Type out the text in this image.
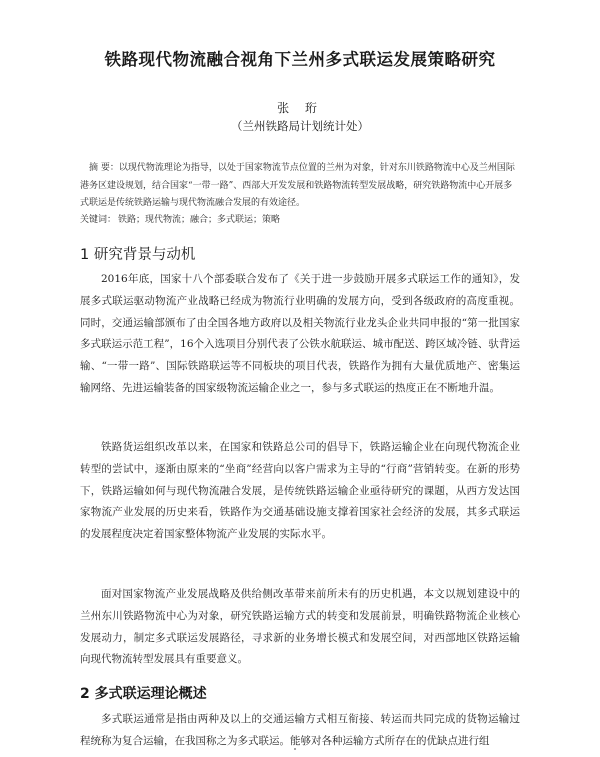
铁路现代物流融合视角下兰州多式联运发展策略研究
张 珩
（兰州铁路局计划统计处）

摘 要：以现代物流理论为指导，以处于国家物流节点位置的兰州为对象，针对东川铁路物流中心及兰州国际港务区建设规划，结合国家“一带一路”、西部大开发发展和铁路物流转型发展战略，研究铁路物流中心开展多式联运是传统铁路运输与现代物流融合发展的有效途径。

关键词： 铁路；现代物流；融合；多式联运；策略

1 研究背景与动机

2016年底，国家十八个部委联合发布了《关于进一步鼓励开展多式联运工作的通知》，发展多式联运驱动物流产业战略已经成为物流行业明确的发展方向，受到各级政府的高度重视。同时，交通运输部颁布了由全国各地方政府以及相关物流行业龙头企业共同申报的“第一批国家多式联运示范工程”，16个入选项目分别代表了公铁水航联运、城市配送、跨区域冷链、驮背运输、“一带一路”、国际铁路联运等不同板块的项目代表，铁路作为拥有大量优质地产、密集运输网络、先进运输装备的国家级物流运输企业之一，参与多式联运的热度正在不断地升温。

铁路货运组织改革以来，在国家和铁路总公司的倡导下，铁路运输企业在向现代物流企业转型的尝试中，逐渐由原来的“坐商”经营向以客户需求为主导的“行商”营销转变。在新的形势下，铁路运输如何与现代物流融合发展，是传统铁路运输企业亟待研究的课题，从西方发达国家物流产业发展的历史来看，铁路作为交通基础设施支撑着国家社会经济的发展，其多式联运的发展程度决定着国家整体物流产业发展的实际水平。

面对国家物流产业发展战略及供给侧改革带来前所未有的历史机遇，本文以规划建设中的兰州东川铁路物流中心为对象，研究铁路运输方式的转变和发展前景，明确铁路物流企业核心发展动力，制定多式联运发展路径，寻求新的业务增长模式和发展空间，对西部地区铁路运输向现代物流转型发展具有重要意义。

2 多式联运理论概述

多式联运通常是指由两种及以上的交通运输方式相互衔接、转运而共同完成的货物运输过程统称为复合运输，在我国称之为多式联运。能够对各种运输方式所存在的优缺点进行组
